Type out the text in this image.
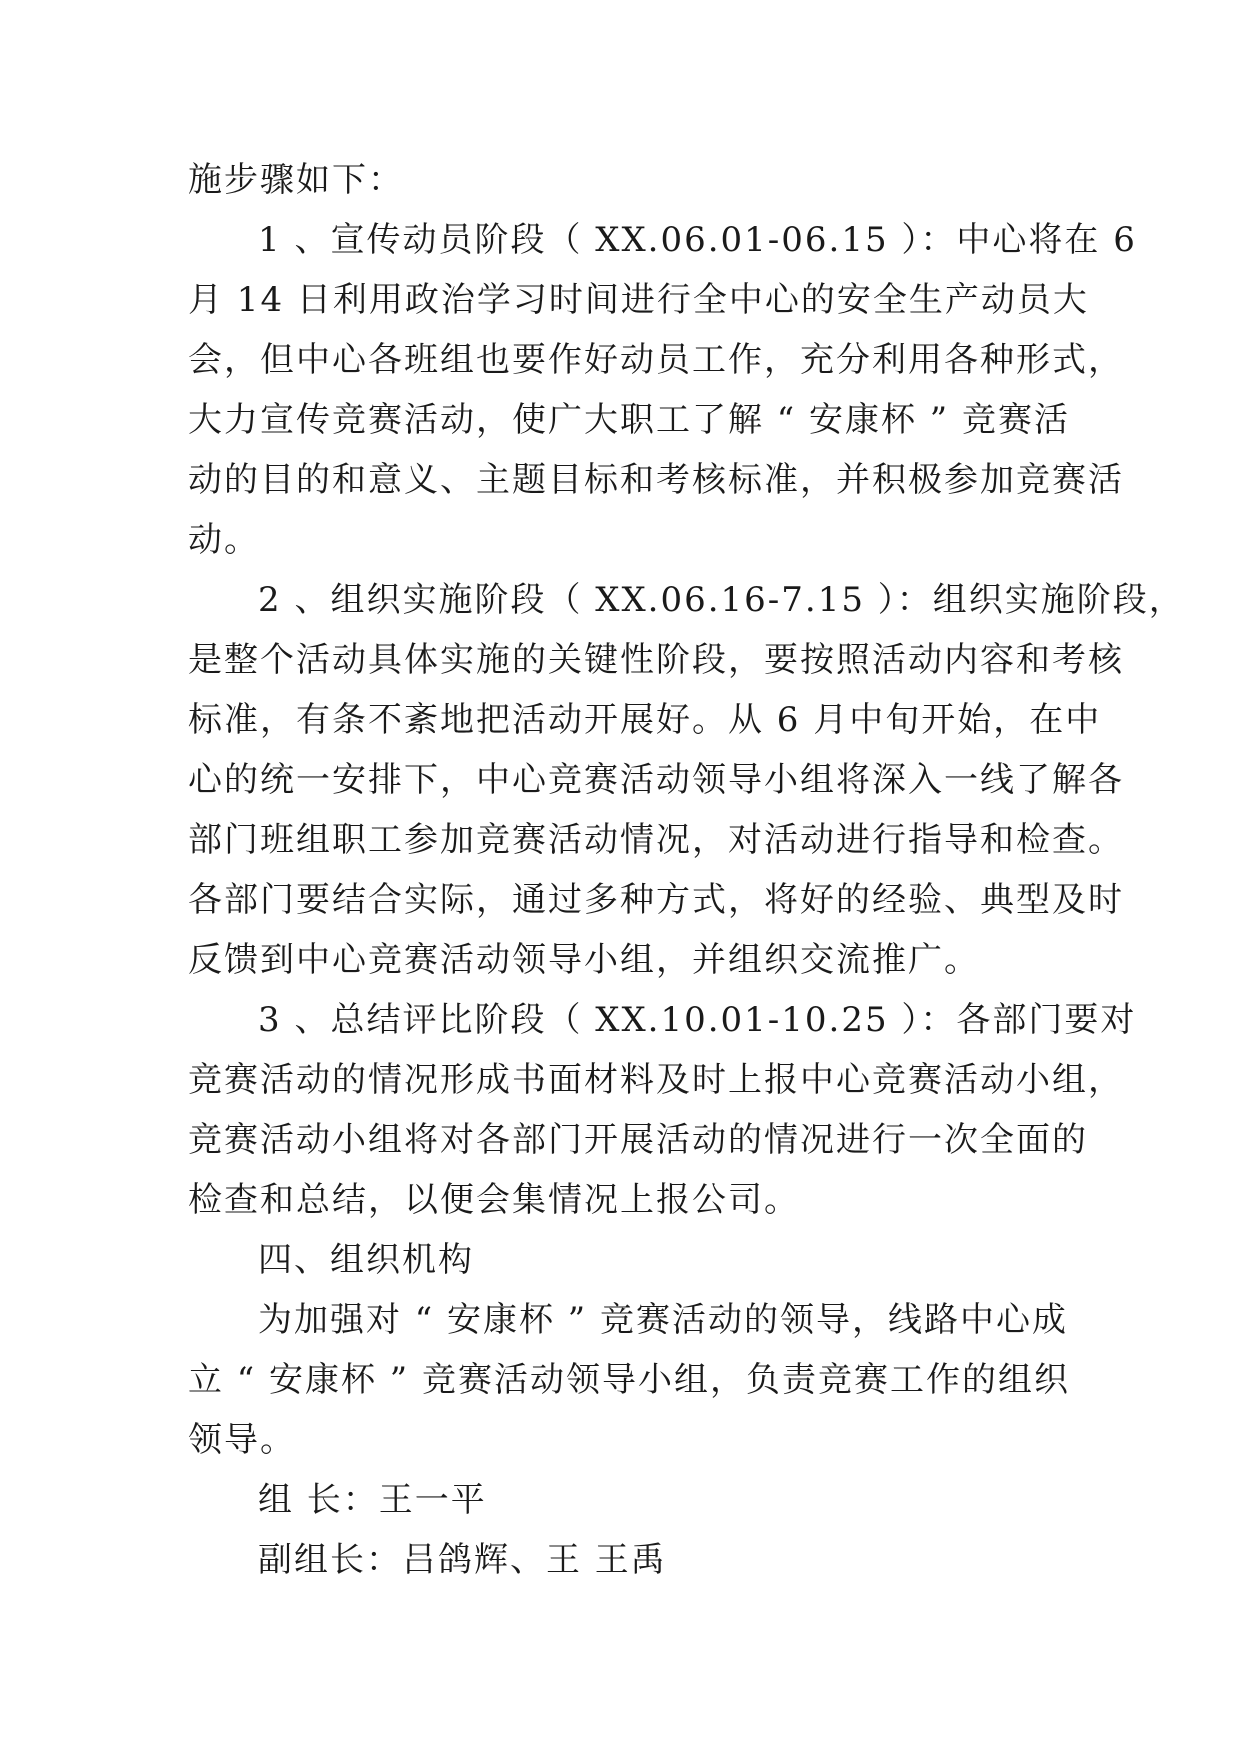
施步骤如下：
1 、宣传动员阶段（ XX.06.01-06.15 ）：中心将在 6
月 14 日利用政治学习时间进行全中心的安全生产动员大
会，但中心各班组也要作好动员工作，充分利用各种形式，
大力宣传竞赛活动，使广大职工了解 “ 安康杯 ” 竞赛活
动的目的和意义、主题目标和考核标准，并积极参加竞赛活
动。
2 、组织实施阶段（ XX.06.16-7.15 ）：组织实施阶段，
是整个活动具体实施的关键性阶段，要按照活动内容和考核
标准，有条不紊地把活动开展好。从 6 月中旬开始，在中
心的统一安排下，中心竞赛活动领导小组将深入一线了解各
部门班组职工参加竞赛活动情况，对活动进行指导和检查。
各部门要结合实际，通过多种方式，将好的经验、典型及时
反馈到中心竞赛活动领导小组，并组织交流推广。
3 、总结评比阶段（ XX.10.01-10.25 ）：各部门要对
竞赛活动的情况形成书面材料及时上报中心竞赛活动小组，
竞赛活动小组将对各部门开展活动的情况进行一次全面的
检查和总结，以便会集情况上报公司。
四、组织机构
为加强对 “ 安康杯 ” 竞赛活动的领导，线路中心成
立 “ 安康杯 ” 竞赛活动领导小组，负责竞赛工作的组织
领导。
组 长：王一平
副组长：吕鸽辉、王 王禹
